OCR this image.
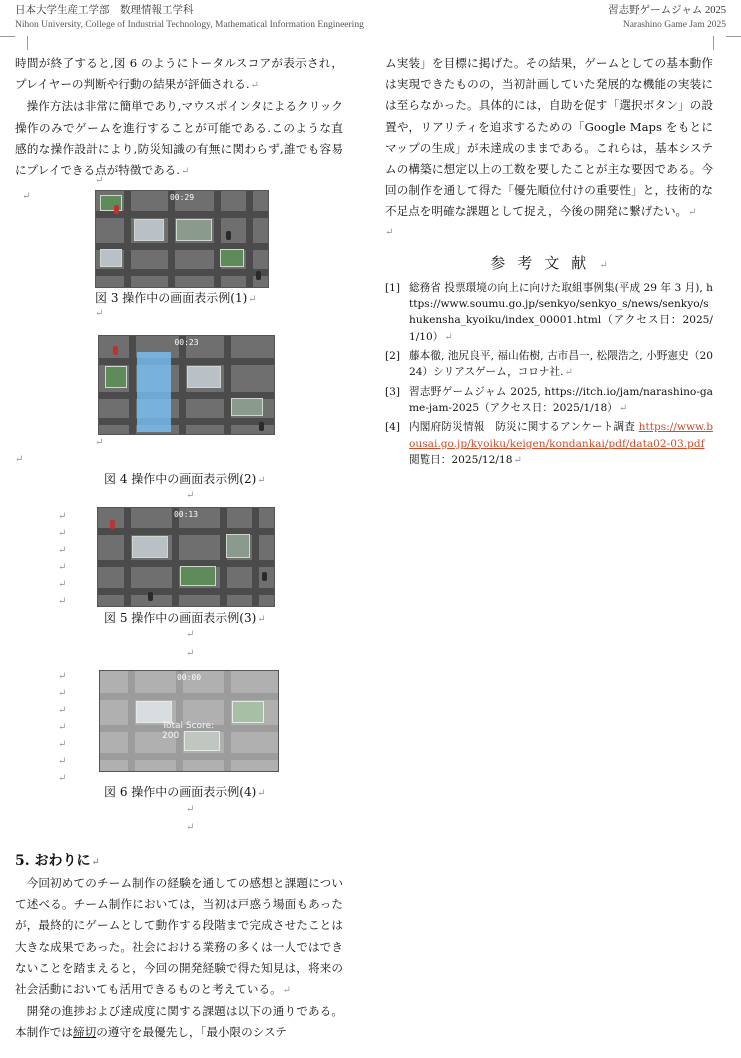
日本大学生産工学部　数理情報工学科
Nihon University, College of Industrial Technology, Mathematical Information Engineering
習志野ゲームジャム 2025
Narashino Game Jam 2025

時間が終了すると,図 6 のようにトータルスコアが表示され，プレイヤーの判断や行動の結果が評価される.↵

操作方法は非常に簡単であり,マウスポインタによるクリック操作のみでゲームを進行することが可能である.このような直感的な操作設計により,防災知識の有無に関わらず,誰でも容易にプレイできる点が特徴である.↵

↵
↵	00:29
図 3 操作中の画面表示例(1)↵
↵
00:23
↵
↵
図 4 操作中の画面表示例(2)↵
↵
↵
↵
↵
↵
↵
↵
00:13
図 5 操作中の画面表示例(3)↵
↵
↵
↵
↵
↵
↵
↵
↵
↵
00:00
Total Score:
200
図 6 操作中の画面表示例(4)↵
↵
↵
5. おわりに↵

今回初めてのチーム制作の経験を通しての感想と課題について述べる。チーム制作においては，当初は戸惑う場面もあったが，最終的にゲームとして動作する段階まで完成させたことは大きな成果であった。社会における業務の多くは一人ではできないことを踏まえると，今回の開発経験で得た知見は，将来の社会活動においても活用できるものと考えている。↵

開発の進捗および達成度に関する課題は以下の通りである。本制作では締切の遵守を最優先し，「最小限のシステ

ム実装」を目標に掲げた。その結果，ゲームとしての基本動作は実現できたものの，当初計画していた発展的な機能の実装には至らなかった。具体的には，自助を促す「選択ボタン」の設置や，リアリティを追求するための「Google Maps をもとにマップの生成」が未達成のままである。これらは，基本システムの構築に想定以上の工数を要したことが主な要因である。今回の制作を通して得た「優先順位付けの重要性」と，技術的な不足点を明確な課題として捉え，今後の開発に繋げたい。↵

↵
参考文献↵
[1] 総務省 投票環境の向上に向けた取組事例集(平成 29 年 3 月), https://www.soumu.go.jp/senkyo/senkyo_s/news/senkyo/shukensha_kyoiku/index_00001.html（アクセス日：2025/1/10）↵
[2] 藤本徹, 池尻良平, 福山佑樹, 古市昌一, 松隈浩之, 小野憲史（2024）シリアスゲーム，コロナ社.↵
[3] 習志野ゲームジャム 2025, https://itch.io/jam/narashino-game-jam-2025（アクセス日：2025/1/18）↵
[4] 内閣府防災情報　防災に関するアンケート調査 https://www.bousai.go.jp/kyoiku/keigen/kondankai/pdf/data02-03.pdf 閲覧日：2025/12/18↵
